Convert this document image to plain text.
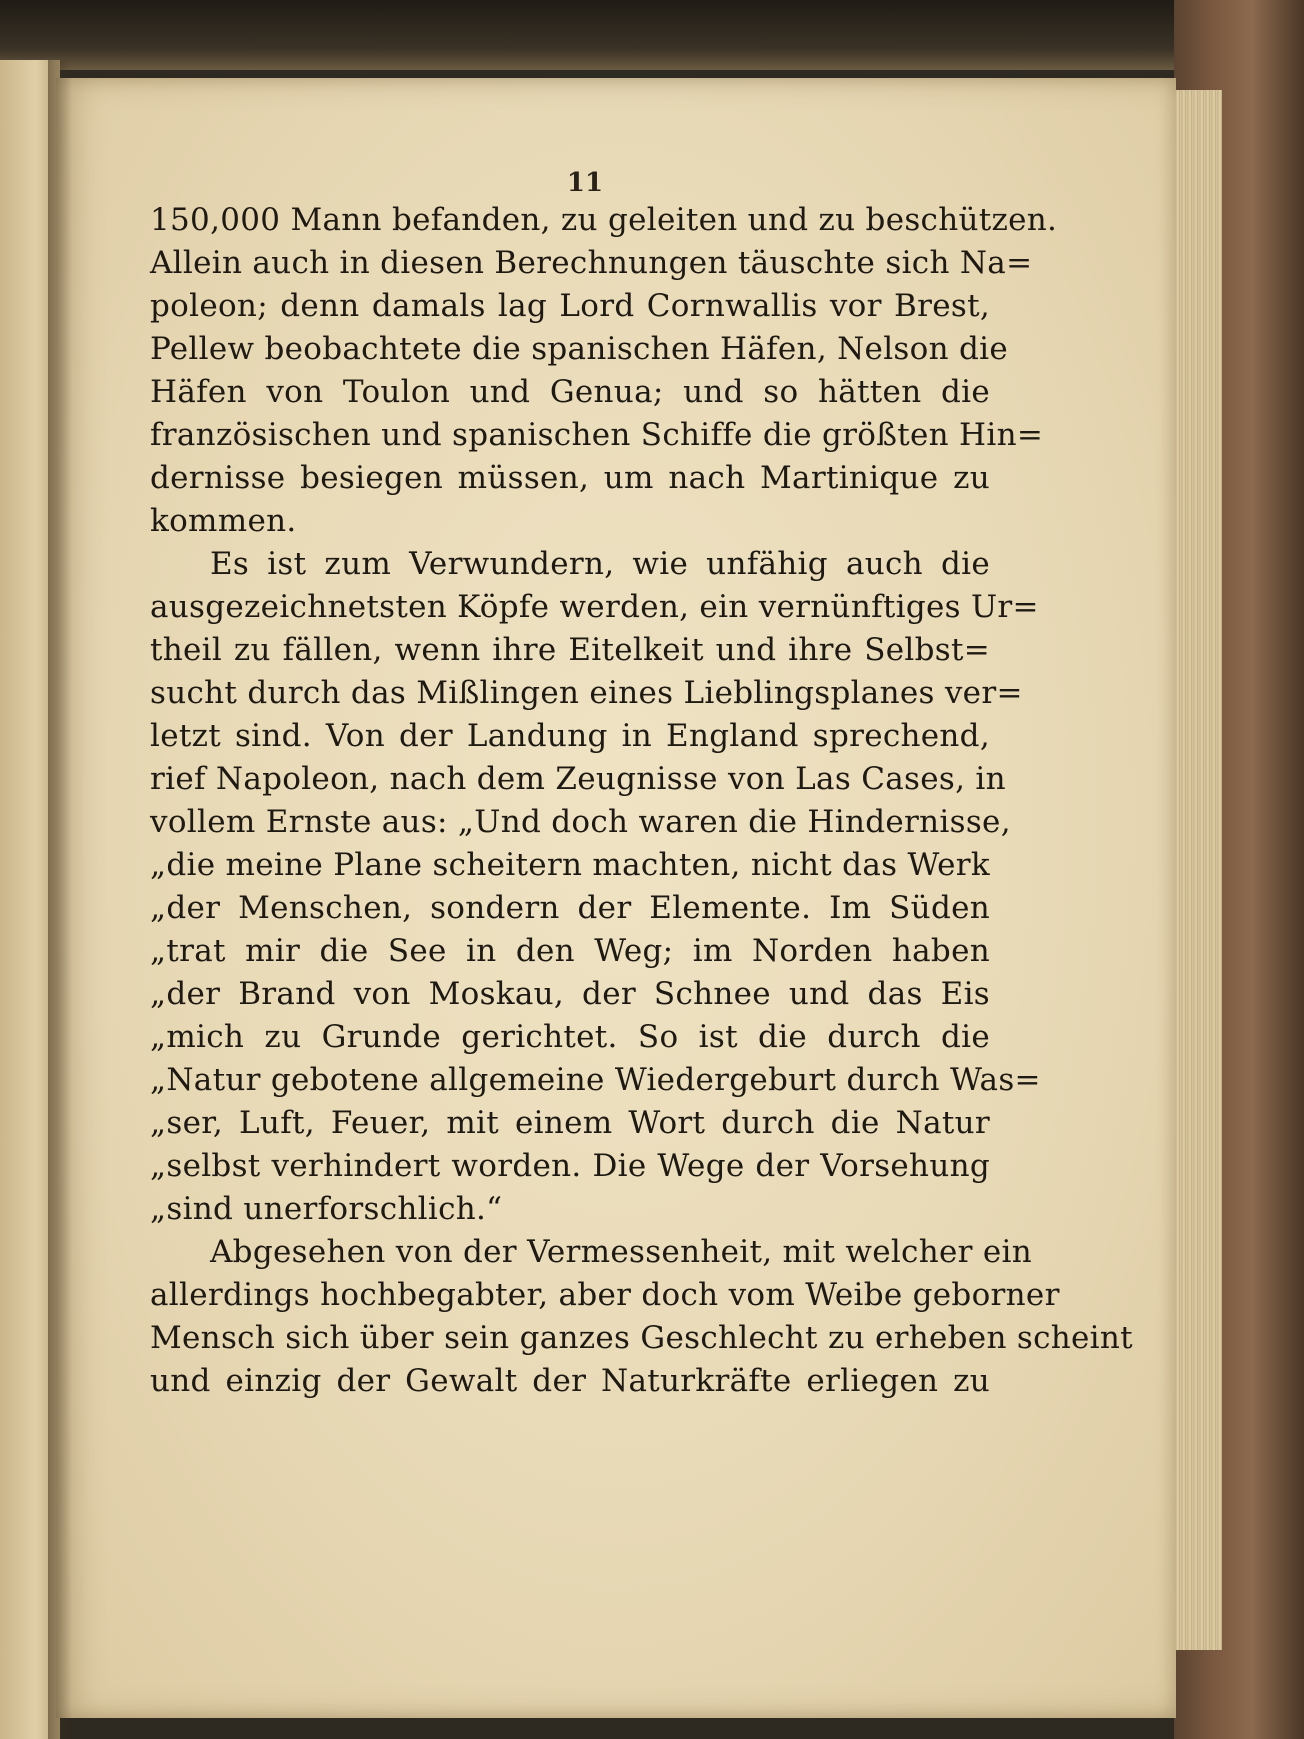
11
150,000 Mann befanden, zu geleiten und zu beschützen.
Allein auch in diesen Berechnungen täuschte sich Na=
poleon; denn damals lag Lord Cornwallis vor Brest,
Pellew beobachtete die spanischen Häfen, Nelson die
Häfen von Toulon und Genua; und so hätten die
französischen und spanischen Schiffe die größten Hin=
dernisse besiegen müssen, um nach Martinique zu
kommen.
Es ist zum Verwundern, wie unfähig auch die
ausgezeichnetsten Köpfe werden, ein vernünftiges Ur=
theil zu fällen, wenn ihre Eitelkeit und ihre Selbst=
sucht durch das Mißlingen eines Lieblingsplanes ver=
letzt sind. Von der Landung in England sprechend,
rief Napoleon, nach dem Zeugnisse von Las Cases, in
vollem Ernste aus: „Und doch waren die Hindernisse,
„die meine Plane scheitern machten, nicht das Werk
„der Menschen, sondern der Elemente. Im Süden
„trat mir die See in den Weg; im Norden haben
„der Brand von Moskau, der Schnee und das Eis
„mich zu Grunde gerichtet. So ist die durch die
„Natur gebotene allgemeine Wiedergeburt durch Was=
„ser, Luft, Feuer, mit einem Wort durch die Natur
„selbst verhindert worden. Die Wege der Vorsehung
„sind unerforschlich.“
Abgesehen von der Vermessenheit, mit welcher ein
allerdings hochbegabter, aber doch vom Weibe geborner
Mensch sich über sein ganzes Geschlecht zu erheben scheint
und einzig der Gewalt der Naturkräfte erliegen zu
